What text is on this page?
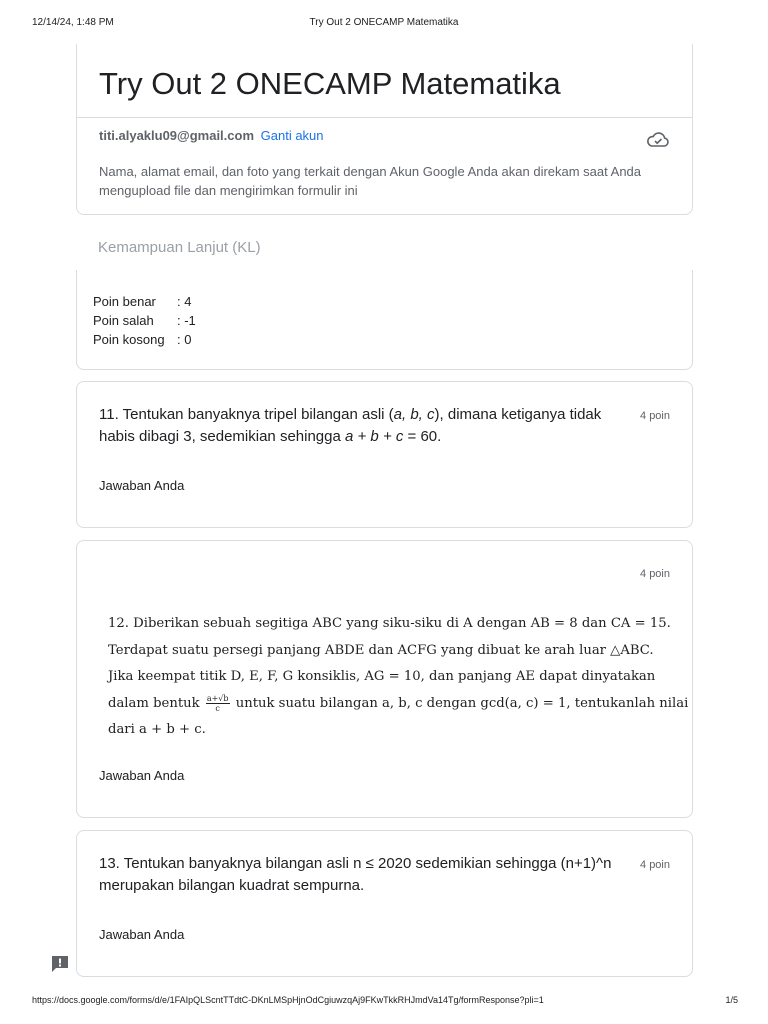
12/14/24, 1:48 PM	Try Out 2 ONECAMP Matematika
Try Out 2 ONECAMP Matematika
titi.alyaklu09@gmail.com Ganti akun
Nama, alamat email, dan foto yang terkait dengan Akun Google Anda akan direkam saat Anda mengupload file dan mengirimkan formulir ini
Kemampuan Lanjut (KL)
Poin benar	: 4
Poin salah	: -1
Poin kosong : 0
11. Tentukan banyaknya tripel bilangan asli (a, b, c), dimana ketiganya tidak habis dibagi 3, sedemikian sehingga a + b + c = 60.
4 poin
Jawaban Anda
4 poin
12. Diberikan sebuah segitiga ABC yang siku-siku di A dengan AB = 8 dan CA = 15.
Terdapat suatu persegi panjang ABDE dan ACFG yang dibuat ke arah luar △ABC.
Jika keempat titik D, E, F, G konsiklis, AG = 10, dan panjang AE dapat dinyatakan
dalam bentuk $\frac{a+√b}{c}$ untuk suatu bilangan a, b, c dengan gcd(a, c) = 1, tentukanlah nilai
dari a + b + c.
Jawaban Anda
13. Tentukan banyaknya bilangan asli n ≤ 2020 sedemikian sehingga (n+1)^n merupakan bilangan kuadrat sempurna.
4 poin
Jawaban Anda
https://docs.google.com/forms/d/e/1FAIpQLScntTTdtC-DKnLMSpHjnOdCgiuwzqAj9FKwTkkRHJmdVa14Tg/formResponse?pli=1	1/5
